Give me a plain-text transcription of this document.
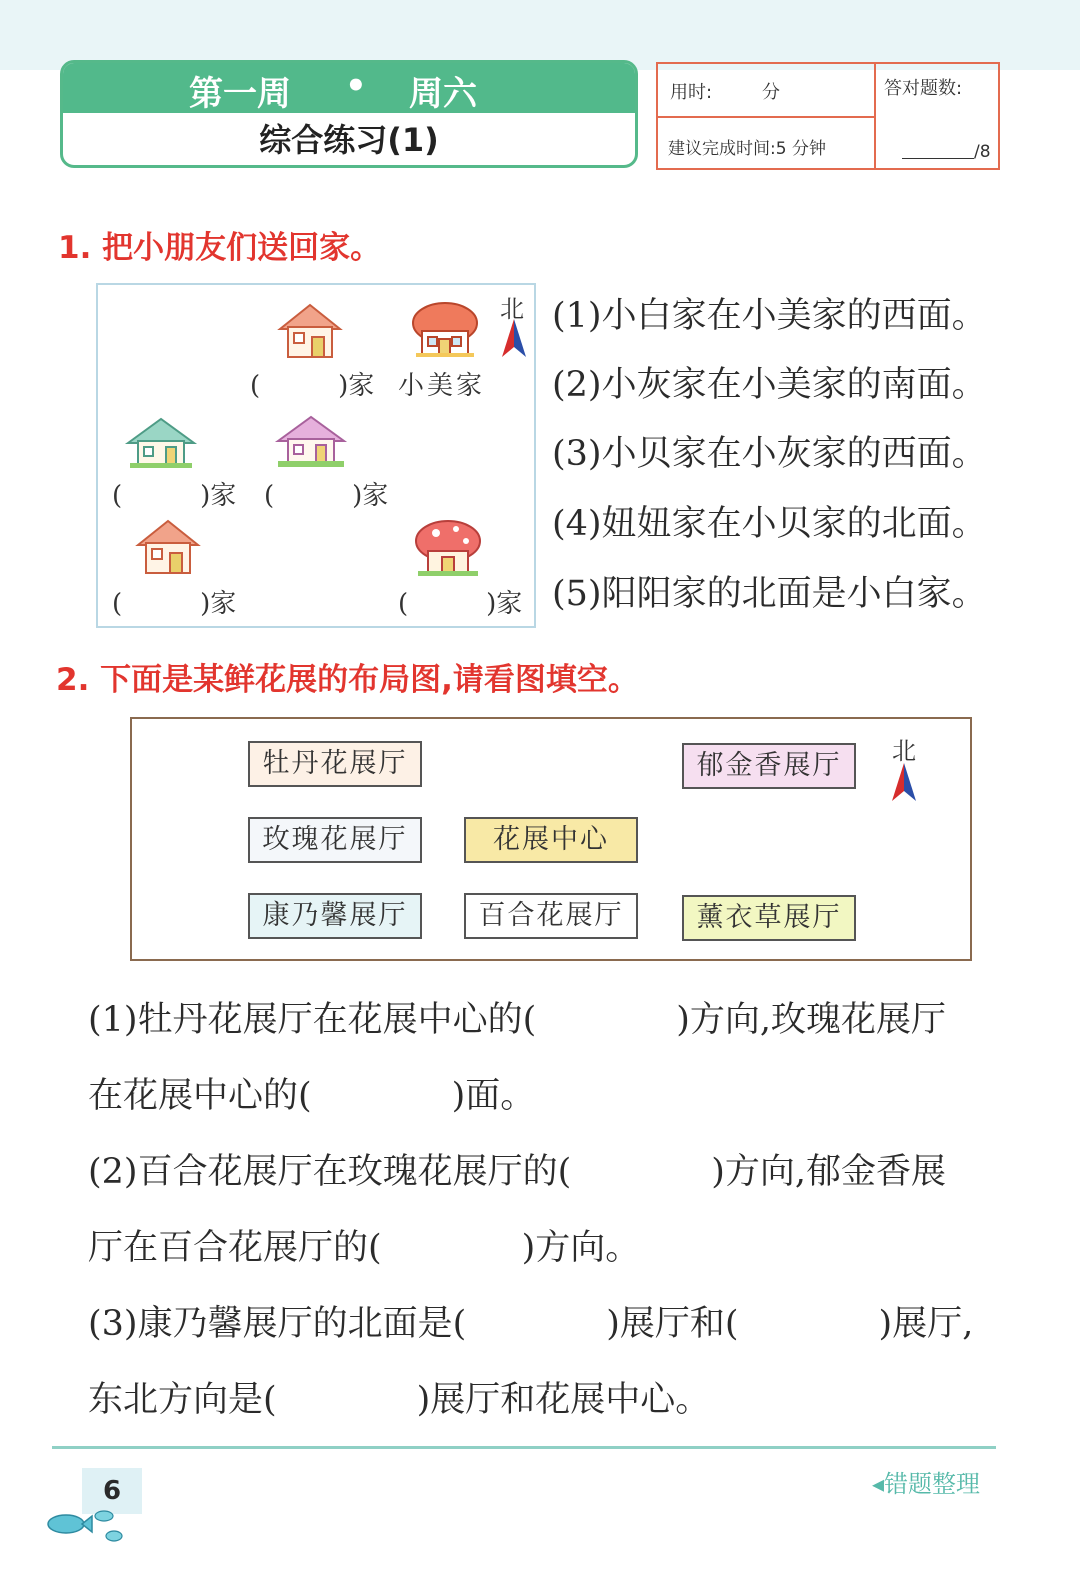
第一周 • 周六
综合练习(1)
用时:	分
建议完成时间:5 分钟
答对题数:
/8
1. 把小朋友们送回家。
北
(　　　)家 小美家
(　　　)家 (　　　)家
(　　　)家	(　　　)家
(1)小白家在小美家的西面。
(2)小灰家在小美家的南面。
(3)小贝家在小灰家的西面。
(4)妞妞家在小贝家的北面。
(5)阳阳家的北面是小白家。
2. 下面是某鲜花展的布局图,请看图填空。
北
牡丹花展厅	郁金香展厅
玫瑰花展厅	花展中心
康乃馨展厅	百合花展厅	薰衣草展厅
(1)牡丹花展厅在花展中心的(　　　　)方向,玫瑰花展厅
在花展中心的(　　　　)面。
(2)百合花展厅在玫瑰花展厅的(　　　　)方向,郁金香展
厅在百合花展厅的(　　　　)方向。
(3)康乃馨展厅的北面是(　　　　)展厅和(　　　　)展厅,
东北方向是(　　　　)展厅和花展中心。
6	◂错题整理
